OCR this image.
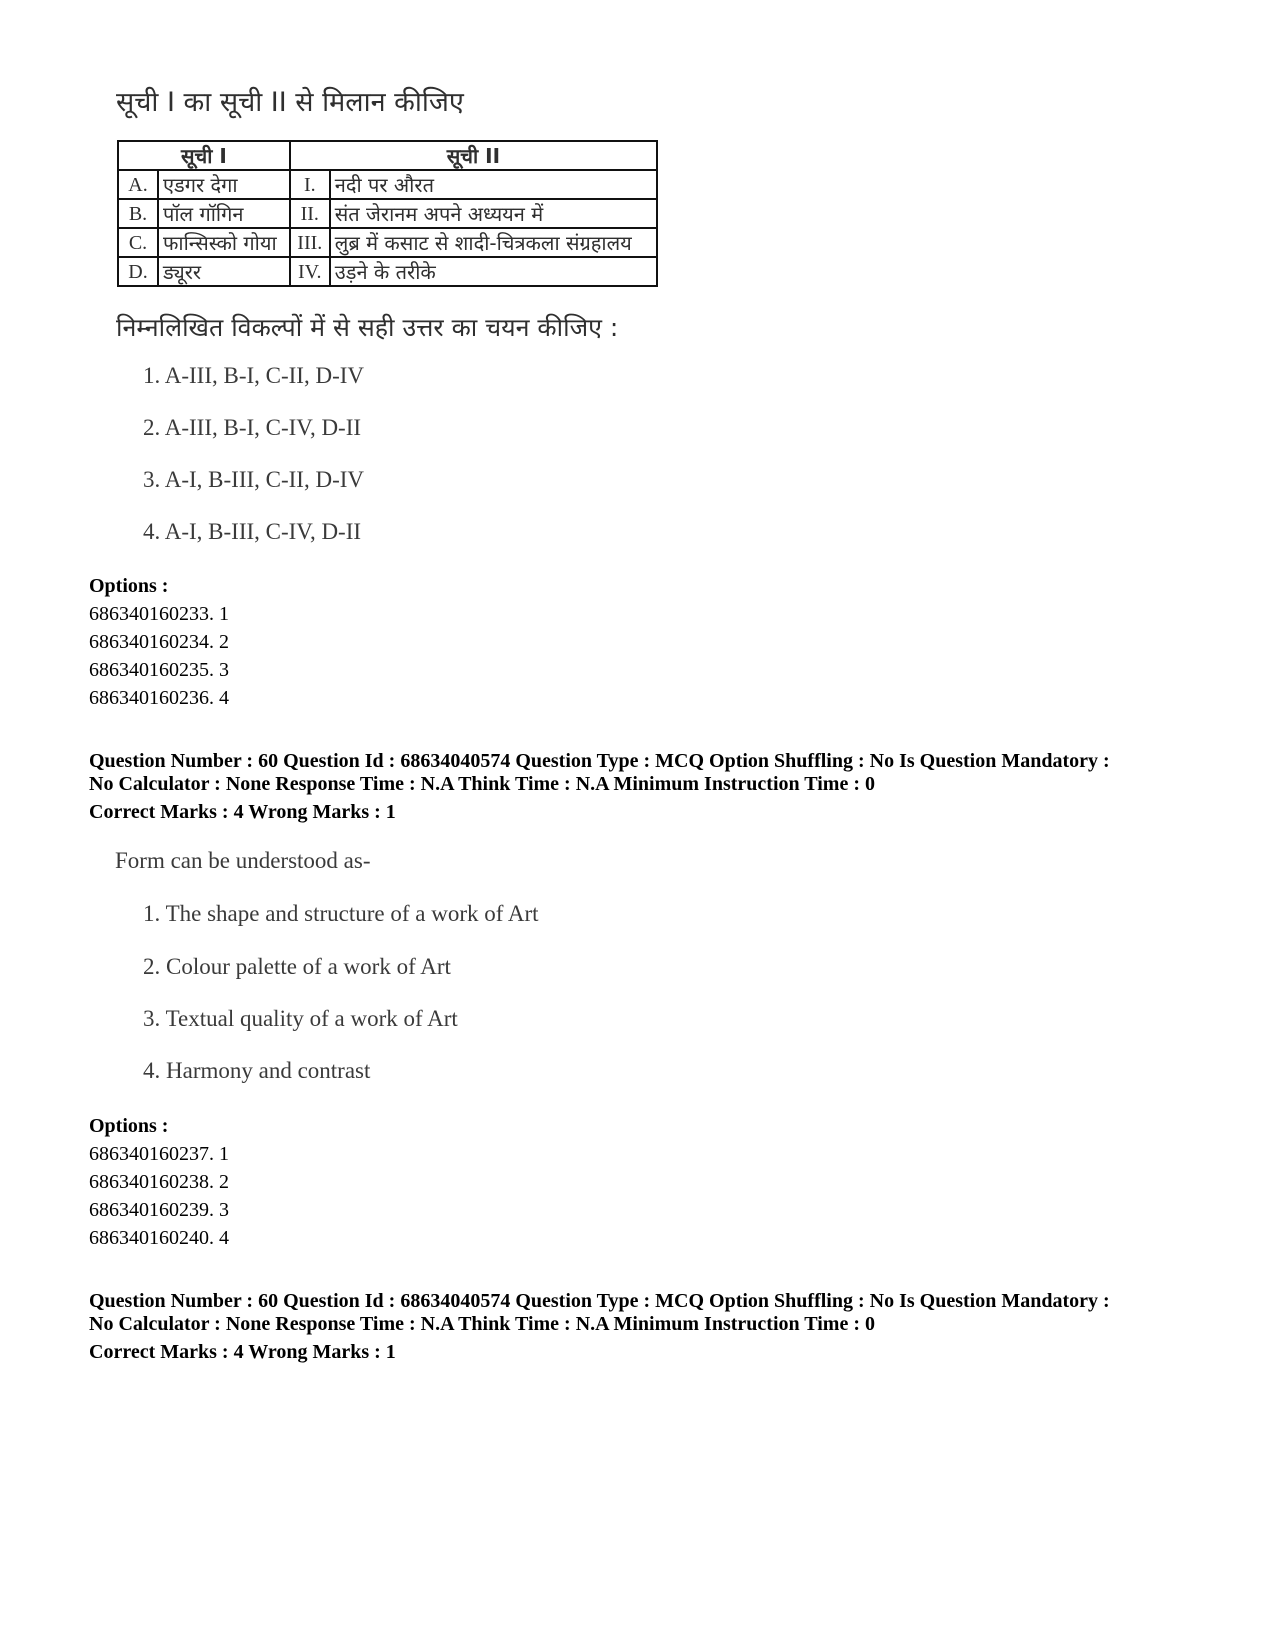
सूची I का सूची II से मिलान कीजिए
सूची I		सूची II	
A.	एडगर देगा	I.	नदी पर औरत
B.	पॉल गॉगिन	II.	संत जेरानम अपने अध्ययन में
C.	फान्सिस्को गोया	III.	लुब्र में कसाट से शादी-चित्रकला संग्रहालय
D.	ड्यूरर	IV.	उड़ने के तरीके
निम्नलिखित विकल्पों में से सही उत्तर का चयन कीजिए :
1. A-III, B-I, C-II, D-IV
2. A-III, B-I, C-IV, D-II
3. A-I, B-III, C-II, D-IV
4. A-I, B-III, C-IV, D-II
Options :
686340160233. 1
686340160234. 2
686340160235. 3
686340160236. 4
Question Number : 60 Question Id : 68634040574 Question Type : MCQ Option Shuffling : No Is Question Mandatory :
No Calculator : None Response Time : N.A Think Time : N.A Minimum Instruction Time : 0
Correct Marks : 4 Wrong Marks : 1
Form can be understood as-
1. The shape and structure of a work of Art
2. Colour palette of a work of Art
3. Textual quality of a work of Art
4. Harmony and contrast
Options :
686340160237. 1
686340160238. 2
686340160239. 3
686340160240. 4
Question Number : 60 Question Id : 68634040574 Question Type : MCQ Option Shuffling : No Is Question Mandatory :
No Calculator : None Response Time : N.A Think Time : N.A Minimum Instruction Time : 0
Correct Marks : 4 Wrong Marks : 1
